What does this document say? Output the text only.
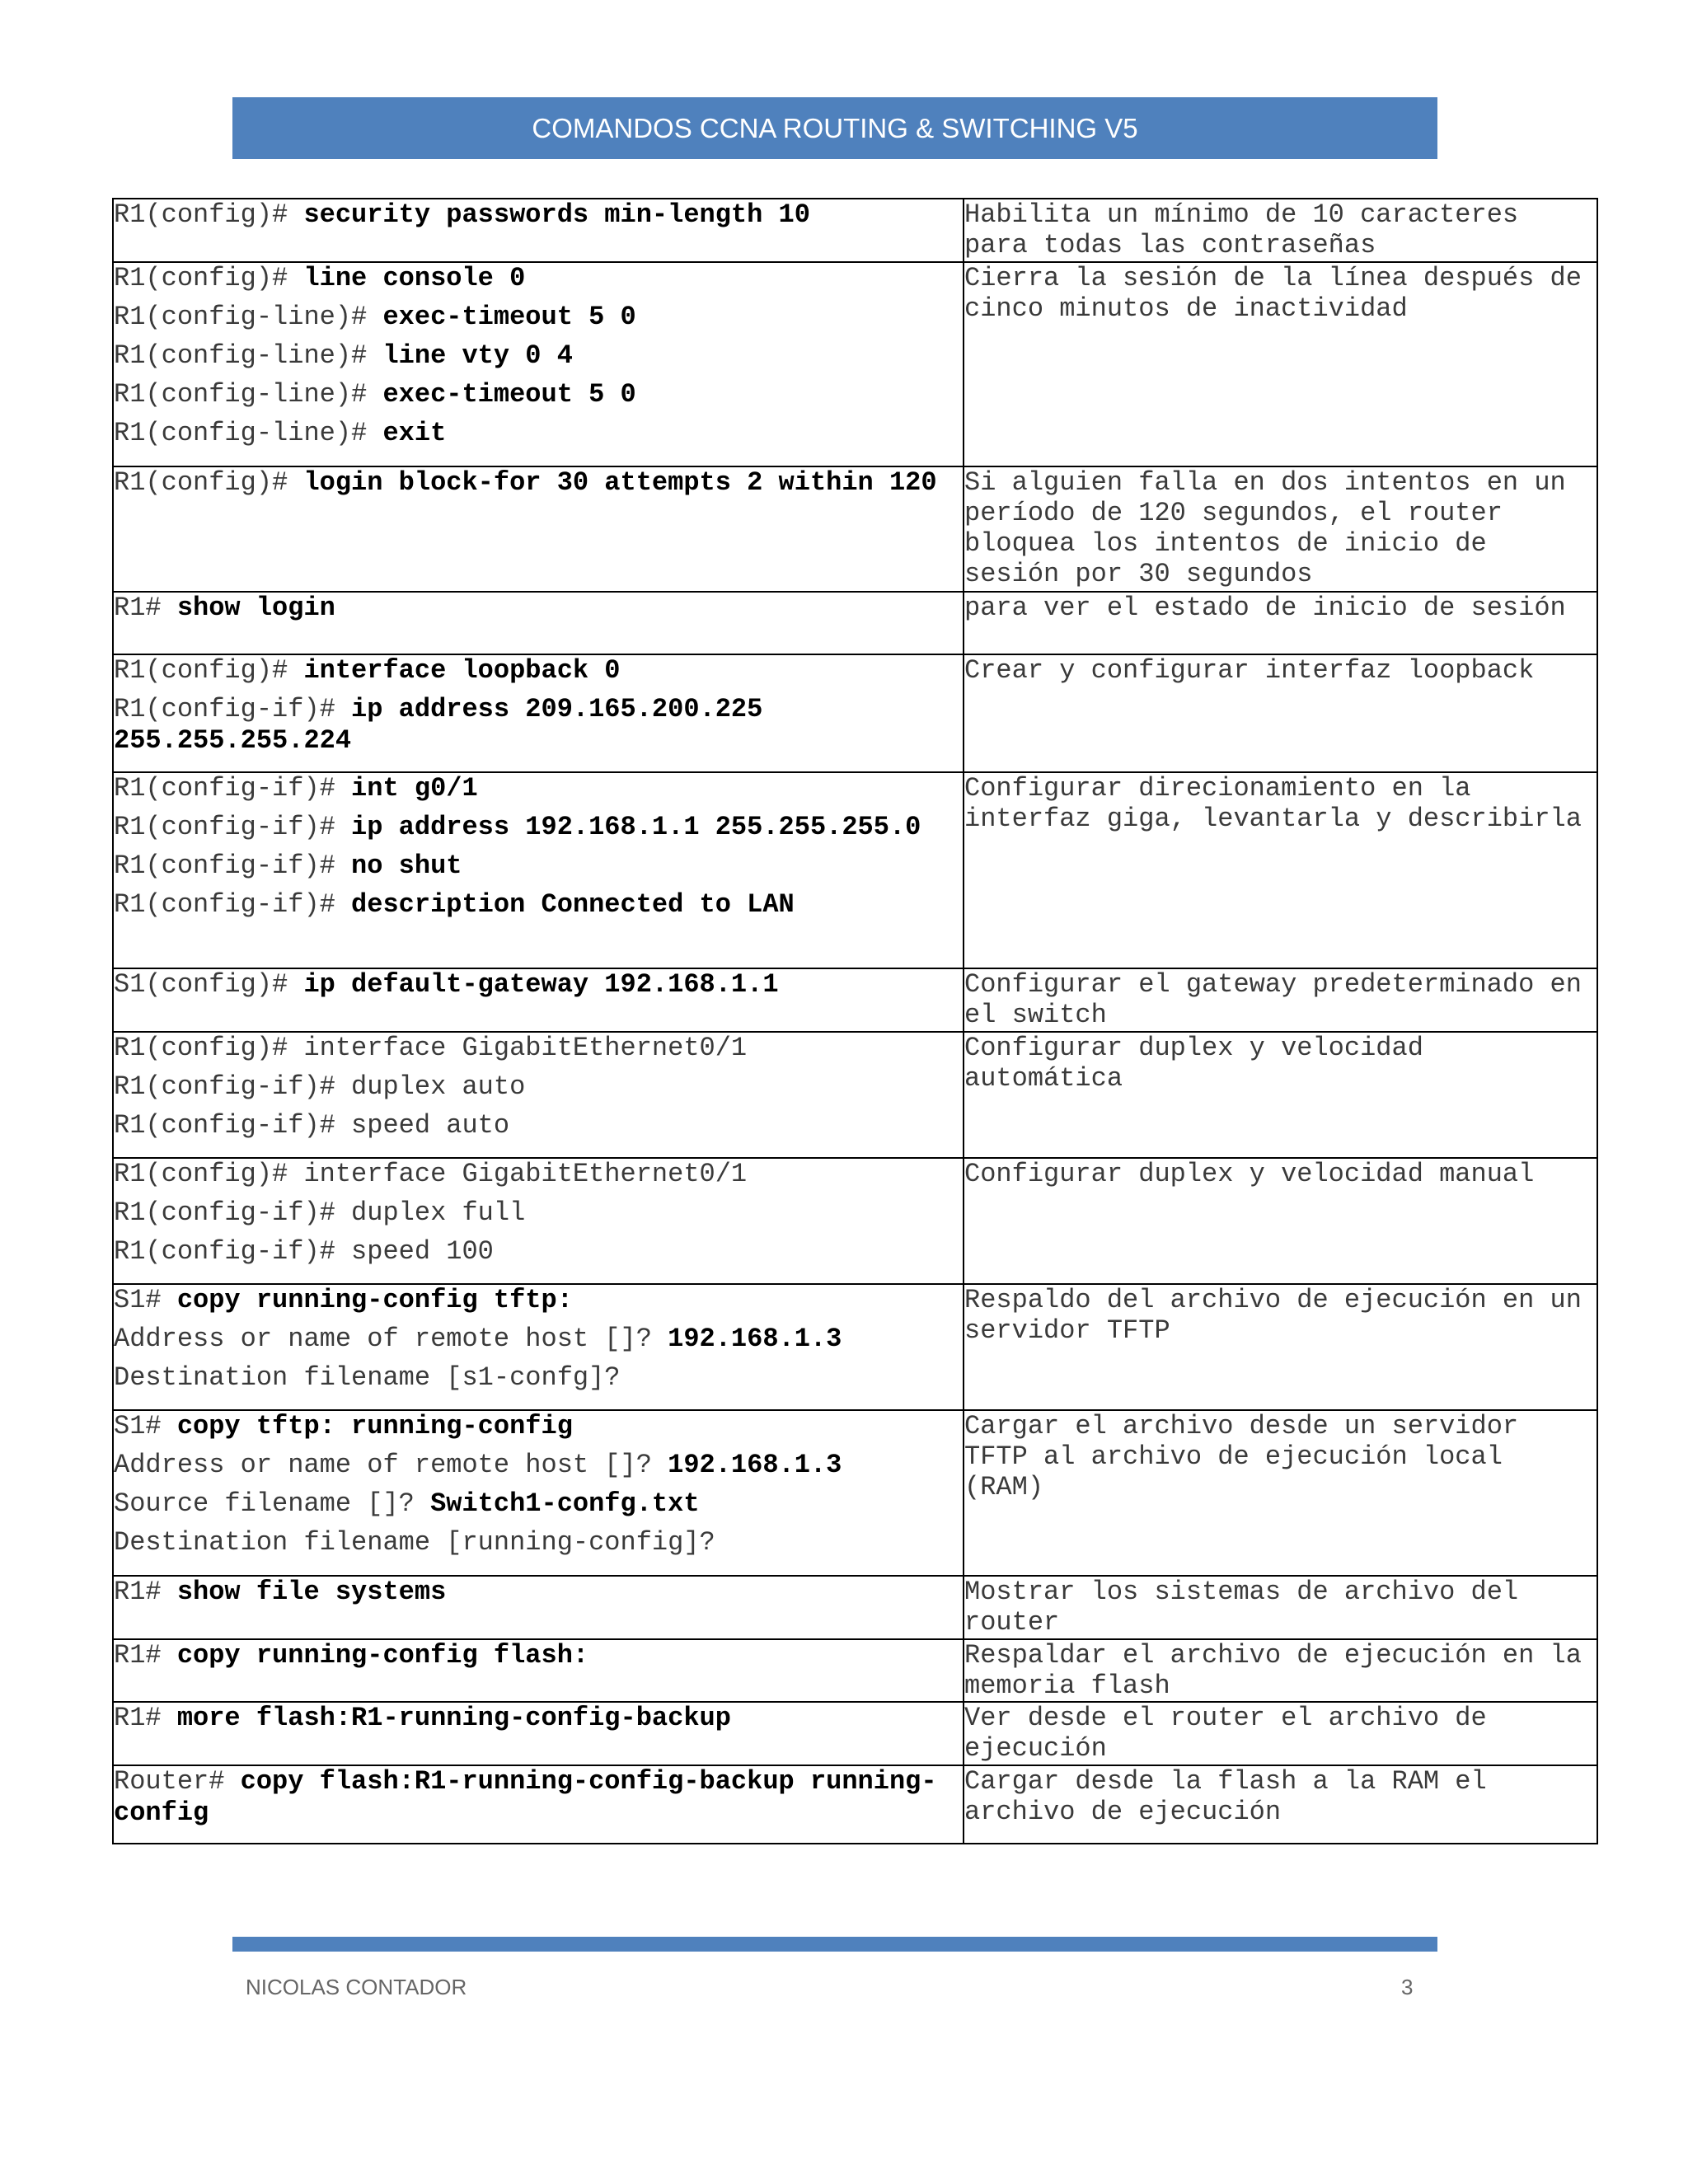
COMANDOS CCNA ROUTING & SWITCHING V5
R1(config)# security passwords min-length 10	Habilita un mínimo de 10 caracteres para todas las contraseñas

R1(config)# line console 0
R1(config-line)# exec-timeout 5 0
R1(config-line)# line vty 0 4
R1(config-line)# exec-timeout 5 0
R1(config-line)# exit	Cierra la sesión de la línea después de cinco minutos de inactividad

R1(config)# login block-for 30 attempts 2 within 120	Si alguien falla en dos intentos en un período de 120 segundos, el router bloquea los intentos de inicio de sesión por 30 segundos

R1# show login	para ver el estado de inicio de sesión

R1(config)# interface loopback 0
R1(config-if)# ip address 209.165.200.225 255.255.255.224	Crear y configurar interfaz loopback

R1(config-if)# int g0/1
R1(config-if)# ip address 192.168.1.1 255.255.255.0
R1(config-if)# no shut
R1(config-if)# description Connected to LAN	Configurar direcionamiento en la interfaz giga, levantarla y describirla

S1(config)# ip default-gateway 192.168.1.1	Configurar el gateway predeterminado en el switch

R1(config)# interface GigabitEthernet0/1
R1(config-if)# duplex auto
R1(config-if)# speed auto	Configurar duplex y velocidad automática

R1(config)# interface GigabitEthernet0/1
R1(config-if)# duplex full
R1(config-if)# speed 100	Configurar duplex y velocidad manual

S1# copy running-config tftp:
Address or name of remote host []? 192.168.1.3
Destination filename [s1-confg]?	Respaldo del archivo de ejecución en un servidor TFTP

S1# copy tftp: running-config
Address or name of remote host []? 192.168.1.3
Source filename []? Switch1-confg.txt
Destination filename [running-config]?	Cargar el archivo desde un servidor TFTP al archivo de ejecución local (RAM)

R1# show file systems	Mostrar los sistemas de archivo del router

R1# copy running-config flash:	Respaldar el archivo de ejecución en la memoria flash

R1# more flash:R1-running-config-backup	Ver desde el router el archivo de ejecución

Router# copy flash:R1-running-config-backup running-config	Cargar desde la flash a la RAM el archivo de ejecución
NICOLAS CONTADOR	3
